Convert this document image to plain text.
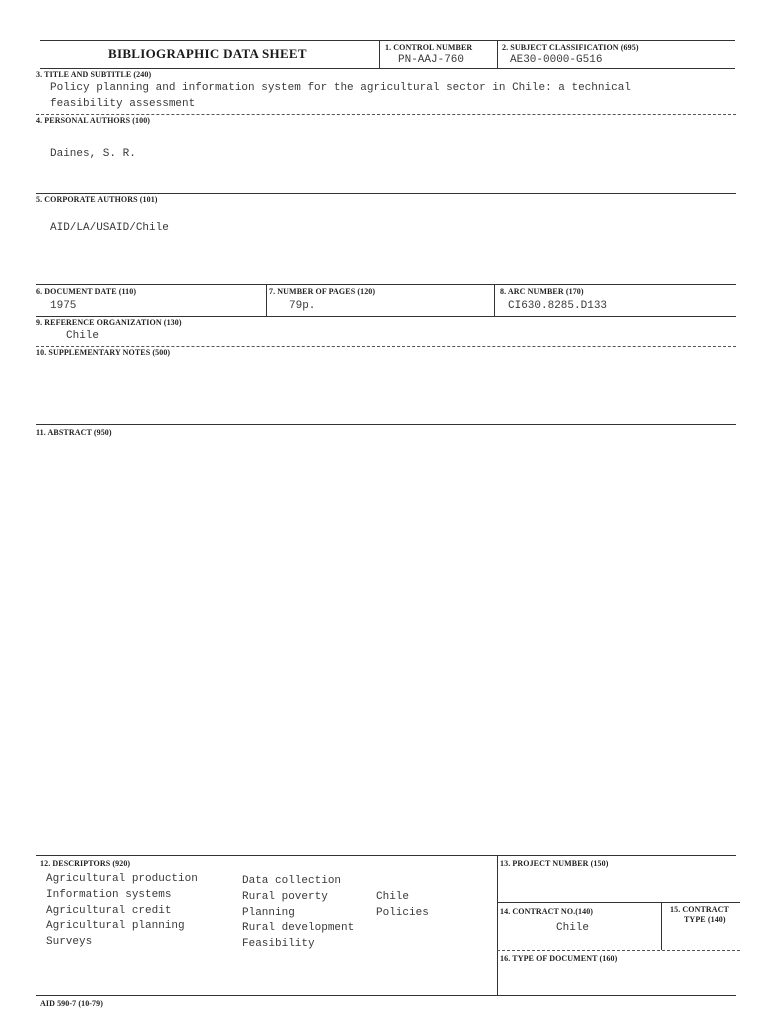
BIBLIOGRAPHIC DATA SHEET	1. CONTROL NUMBER
PN-AAJ-760
2. SUBJECT CLASSIFICATION (695)
AE30-0000-G516
3. TITLE AND SUBTITLE (240)
Policy planning and information system for the agricultural sector in Chile: a technical
feasibility assessment
4. PERSONAL AUTHORS (100)
Daines, S. R.
5. CORPORATE AUTHORS (101)
AID/LA/USAID/Chile
6. DOCUMENT DATE (110)
1975
7. NUMBER OF PAGES (120)
79p.
8. ARC NUMBER (170)
CI630.8285.D133
9. REFERENCE ORGANIZATION (130)
Chile
10. SUPPLEMENTARY NOTES (500)
11. ABSTRACT (950)
12. DESCRIPTORS (920)
Agricultural production
Information systems
Agricultural credit
Agricultural planning
Surveys
Data collection
Rural poverty
Planning
Rural development
Feasibility
Chile
Policies
13. PROJECT NUMBER (150)
14. CONTRACT NO.(140)
Chile
15. CONTRACT
TYPE (140)
16. TYPE OF DOCUMENT (160)
AID 590-7 (10-79)
